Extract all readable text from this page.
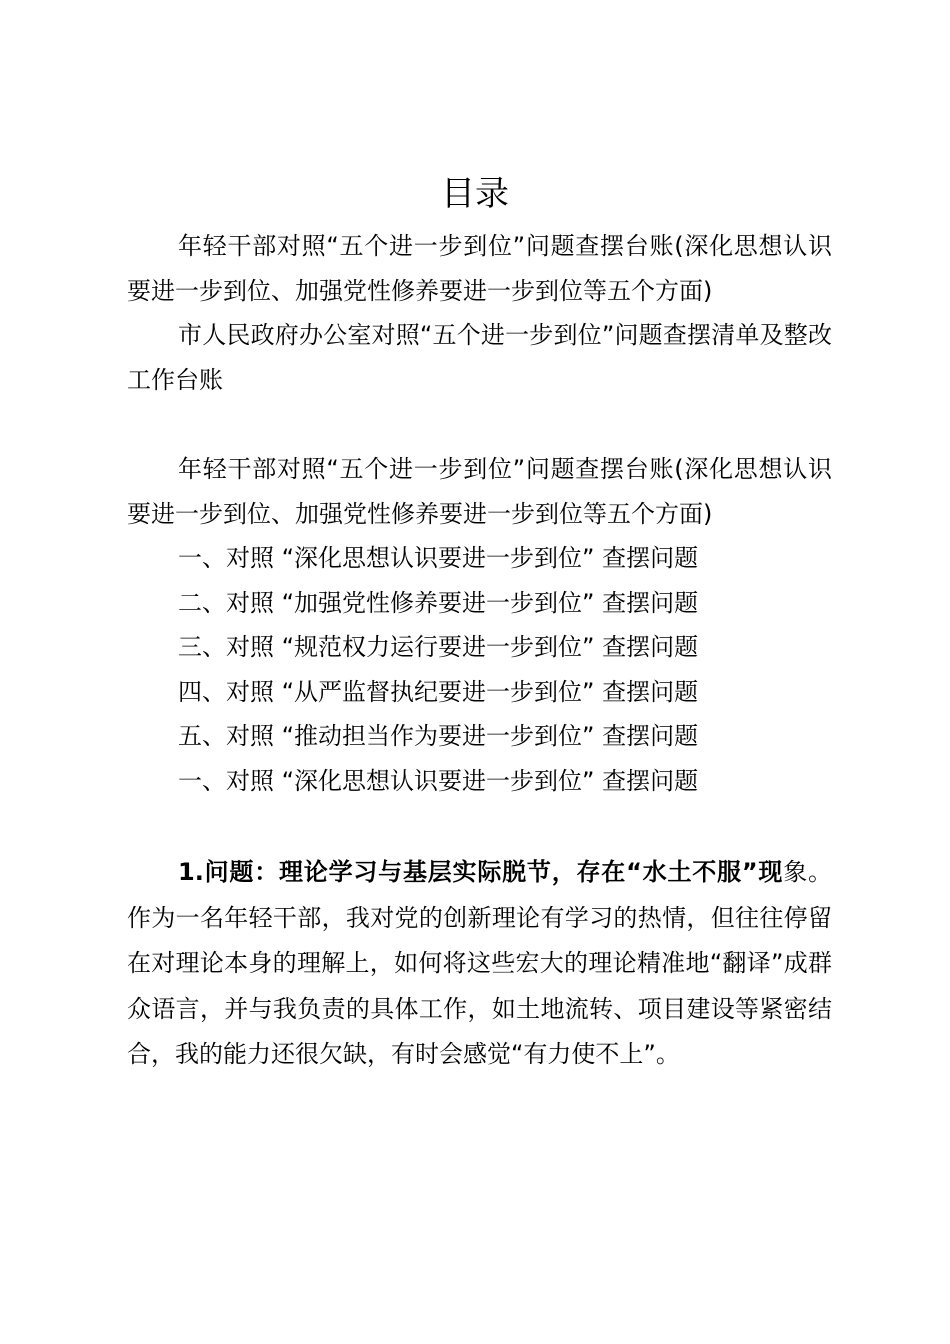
目录
年轻干部对照“五个进一步到位”问题查摆台账(深化思想认识要进一步到位、加强党性修养要进一步到位等五个方面)
市人民政府办公室对照“五个进一步到位”问题查摆清单及整改工作台账
年轻干部对照“五个进一步到位”问题查摆台账(深化思想认识要进一步到位、加强党性修养要进一步到位等五个方面)
一、对照 “深化思想认识要进一步到位” 查摆问题
二、对照 “加强党性修养要进一步到位” 查摆问题
三、对照 “规范权力运行要进一步到位” 查摆问题
四、对照 “从严监督执纪要进一步到位” 查摆问题
五、对照 “推动担当作为要进一步到位” 查摆问题
一、对照 “深化思想认识要进一步到位” 查摆问题
1.问题：理论学习与基层实际脱节，存在“水土不服”现象。作为一名年轻干部，我对党的创新理论有学习的热情，但往往停留在对理论本身的理解上，如何将这些宏大的理论精准地“翻译”成群众语言，并与我负责的具体工作，如土地流转、项目建设等紧密结合，我的能力还很欠缺，有时会感觉“有力使不上”。
